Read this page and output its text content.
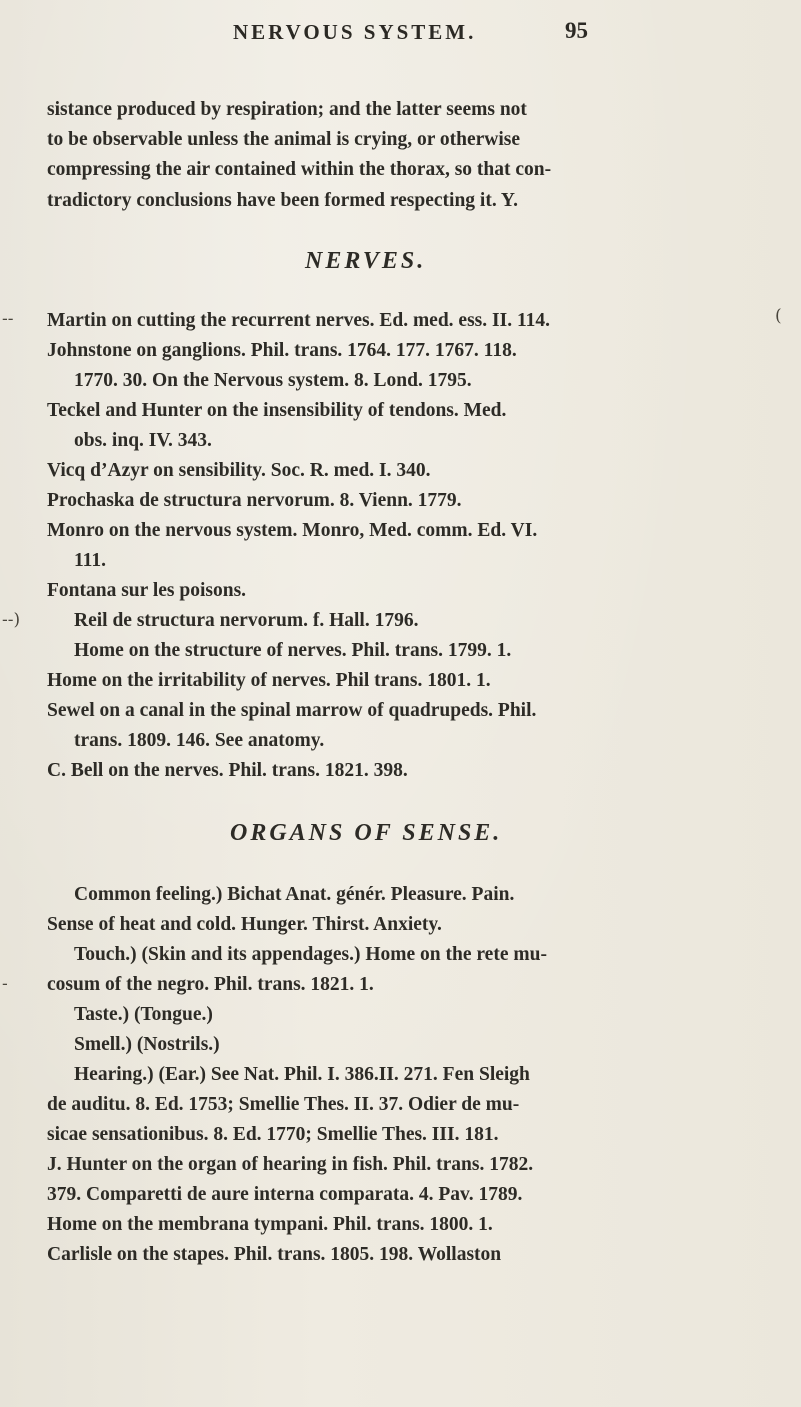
NERVOUS SYSTEM.	95
sistance produced by respiration; and the latter seems not
to be observable unless the animal is crying, or otherwise
compressing the air contained within the thorax, so that con-
tradictory conclusions have been formed respecting it. Y.
NERVES.
Martin on cutting the recurrent nerves. Ed. med. ess. II. 114.
Johnstone on ganglions. Phil. trans. 1764. 177. 1767. 118.
1770. 30. On the Nervous system. 8. Lond. 1795.
Teckel and Hunter on the insensibility of tendons. Med.
obs. inq. IV. 343.
Vicq d’Azyr on sensibility. Soc. R. med. I. 340.
Prochaska de structura nervorum. 8. Vienn. 1779.
Monro on the nervous system. Monro, Med. comm. Ed. VI.
111.
Fontana sur les poisons.
Reil de structura nervorum. f. Hall. 1796.
Home on the structure of nerves. Phil. trans. 1799. 1.
Home on the irritability of nerves. Phil trans. 1801. 1.
Sewel on a canal in the spinal marrow of quadrupeds. Phil.
trans. 1809. 146. See anatomy.
C. Bell on the nerves. Phil. trans. 1821. 398.
ORGANS OF SENSE.
Common feeling.) Bichat Anat. génér. Pleasure. Pain.
Sense of heat and cold. Hunger. Thirst. Anxiety.
Touch.) (Skin and its appendages.) Home on the rete mu-
cosum of the negro. Phil. trans. 1821. 1.
Taste.) (Tongue.)
Smell.) (Nostrils.)
Hearing.) (Ear.) See Nat. Phil. I. 386.II. 271. Fen Sleigh
de auditu. 8. Ed. 1753; Smellie Thes. II. 37. Odier de mu-
sicae sensationibus. 8. Ed. 1770; Smellie Thes. III. 181.
J. Hunter on the organ of hearing in fish. Phil. trans. 1782.
379. Comparetti de aure interna comparata. 4. Pav. 1789.
Home on the membrana tympani. Phil. trans. 1800. 1.
Carlisle on the stapes. Phil. trans. 1805. 198. Wollaston
‐‐
‐‐)
‐
(
